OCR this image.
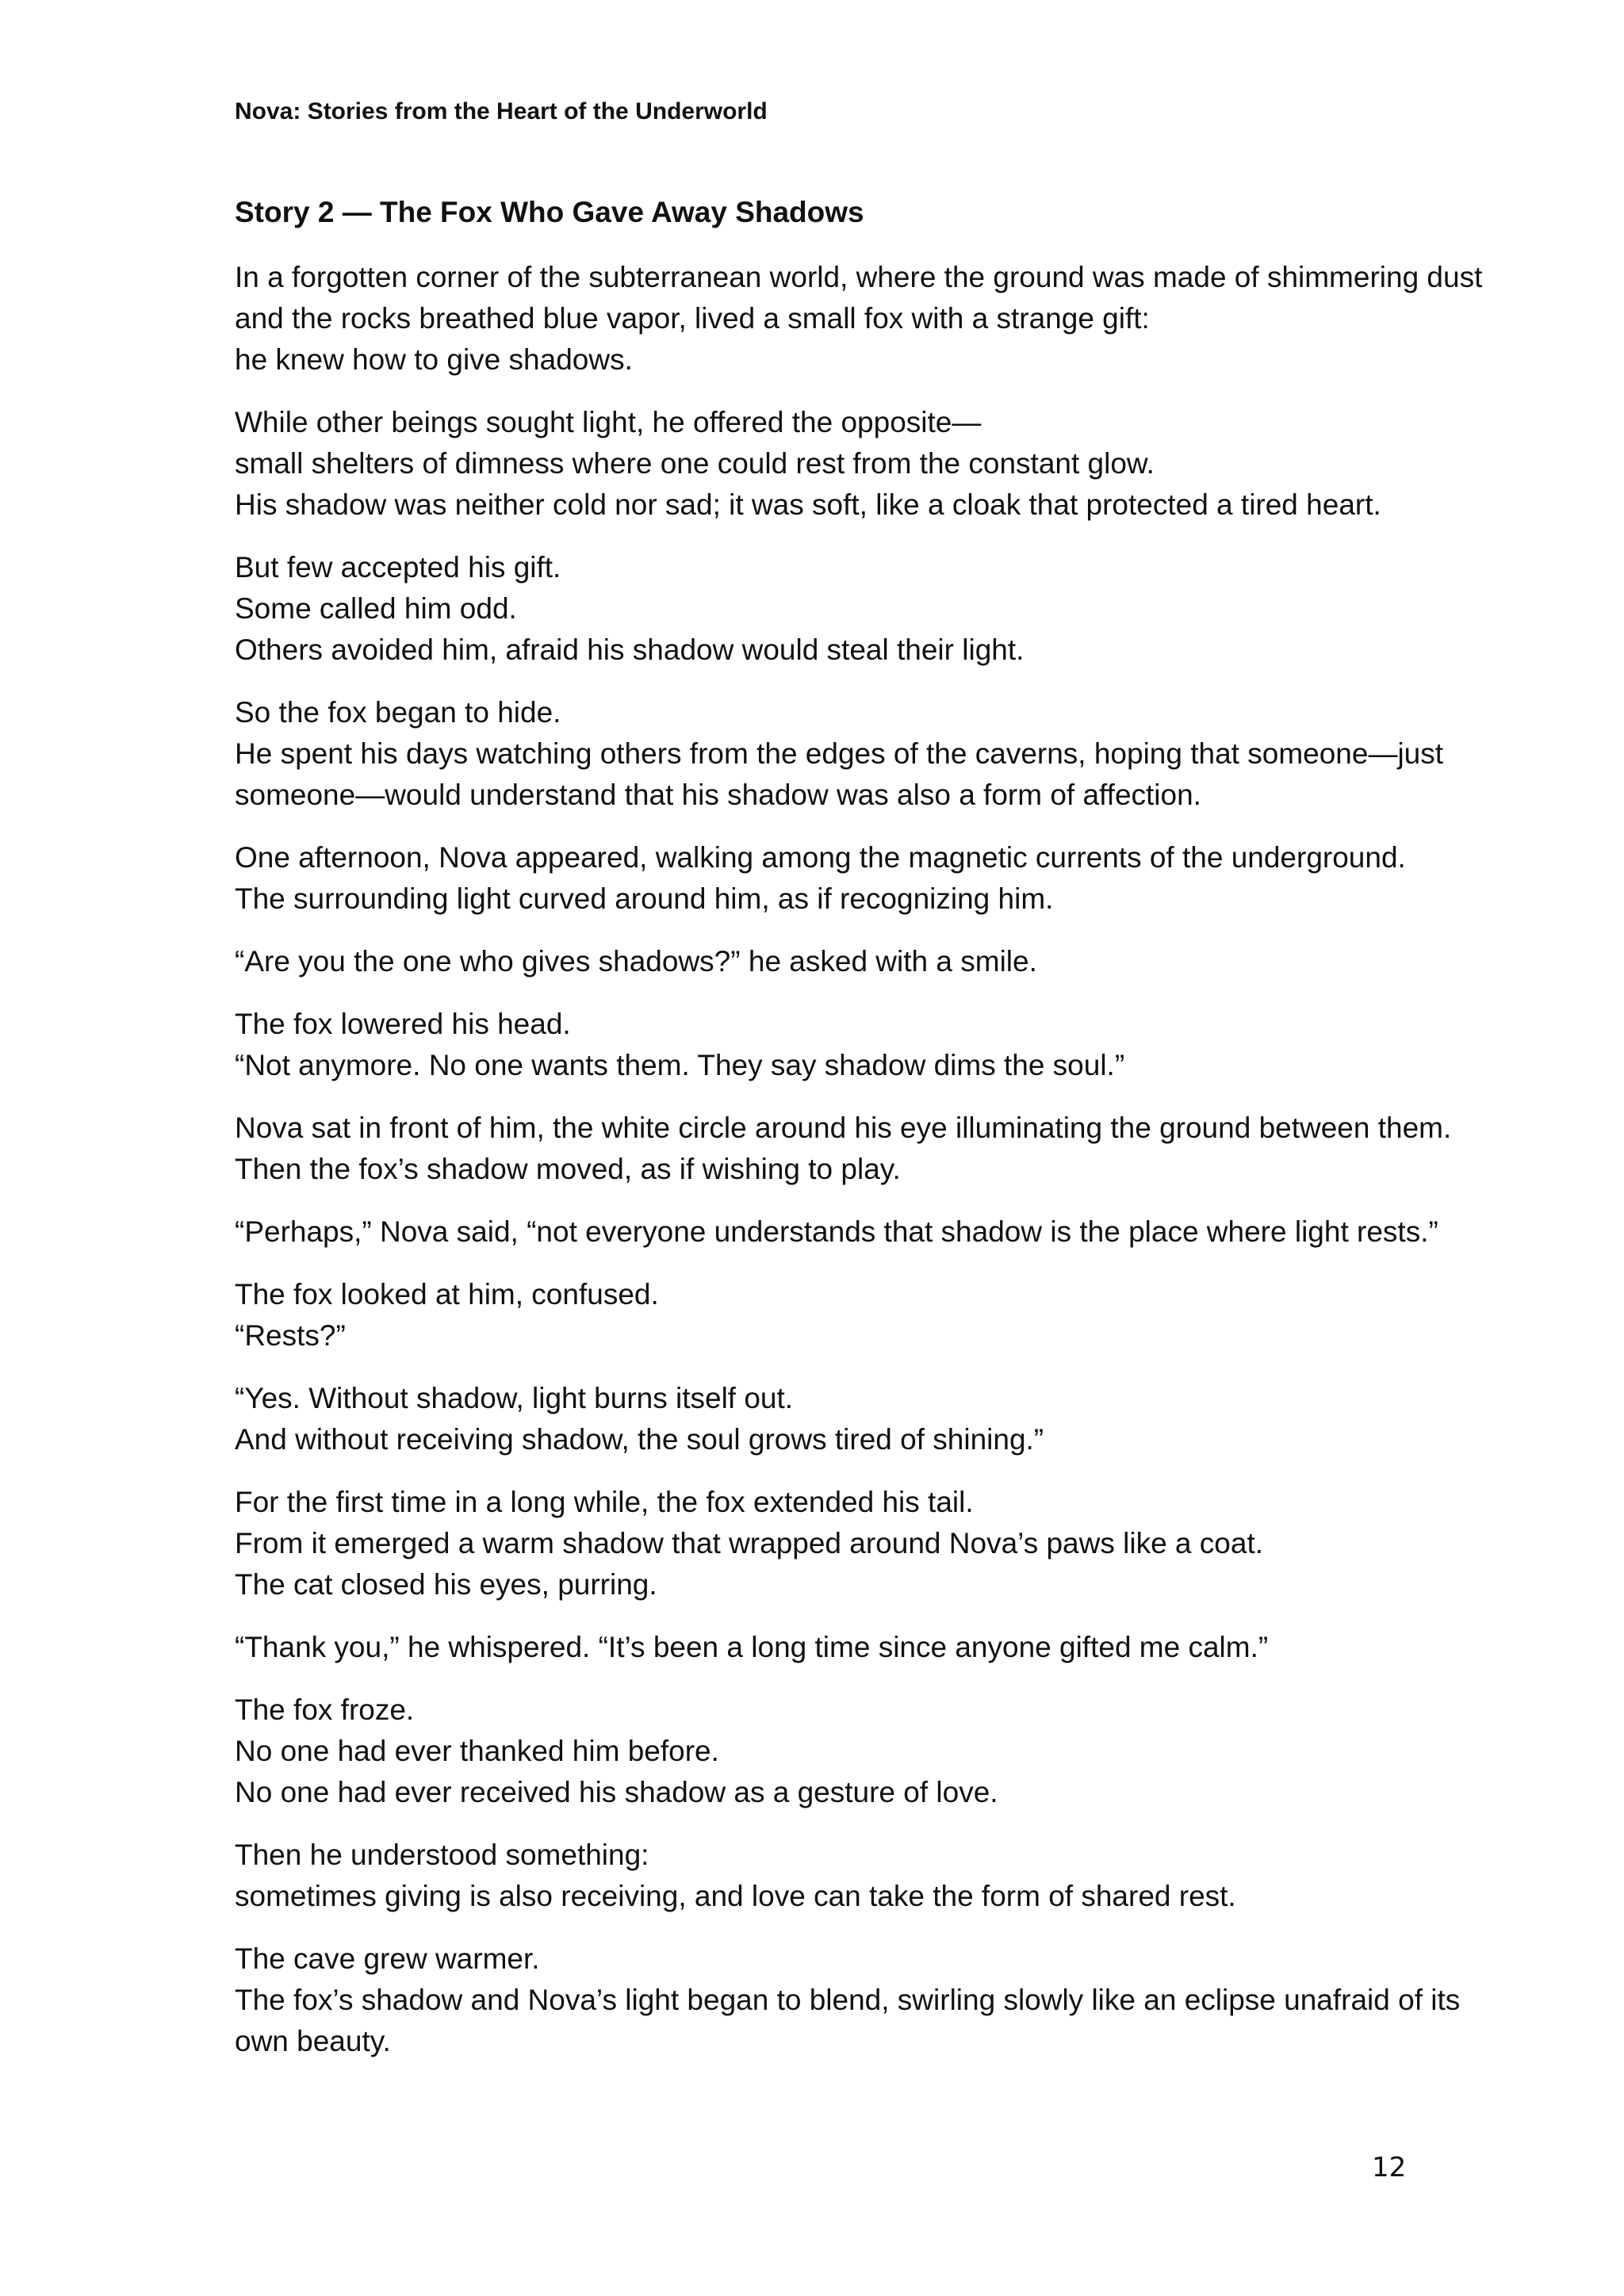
Nova: Stories from the Heart of the Underworld
Story 2 — The Fox Who Gave Away Shadows
In a forgotten corner of the subterranean world, where the ground was made of shimmering dust
and the rocks breathed blue vapor, lived a small fox with a strange gift:
he knew how to give shadows.
While other beings sought light, he offered the opposite—
small shelters of dimness where one could rest from the constant glow.
His shadow was neither cold nor sad; it was soft, like a cloak that protected a tired heart.
But few accepted his gift.
Some called him odd.
Others avoided him, afraid his shadow would steal their light.
So the fox began to hide.
He spent his days watching others from the edges of the caverns, hoping that someone—just
someone—would understand that his shadow was also a form of affection.
One afternoon, Nova appeared, walking among the magnetic currents of the underground.
The surrounding light curved around him, as if recognizing him.
“Are you the one who gives shadows?” he asked with a smile.
The fox lowered his head.
“Not anymore. No one wants them. They say shadow dims the soul.”
Nova sat in front of him, the white circle around his eye illuminating the ground between them.
Then the fox’s shadow moved, as if wishing to play.
“Perhaps,” Nova said, “not everyone understands that shadow is the place where light rests.”
The fox looked at him, confused.
“Rests?”
“Yes. Without shadow, light burns itself out.
And without receiving shadow, the soul grows tired of shining.”
For the first time in a long while, the fox extended his tail.
From it emerged a warm shadow that wrapped around Nova’s paws like a coat.
The cat closed his eyes, purring.
“Thank you,” he whispered. “It’s been a long time since anyone gifted me calm.”
The fox froze.
No one had ever thanked him before.
No one had ever received his shadow as a gesture of love.
Then he understood something:
sometimes giving is also receiving, and love can take the form of shared rest.
The cave grew warmer.
The fox’s shadow and Nova’s light began to blend, swirling slowly like an eclipse unafraid of its
own beauty.
12
